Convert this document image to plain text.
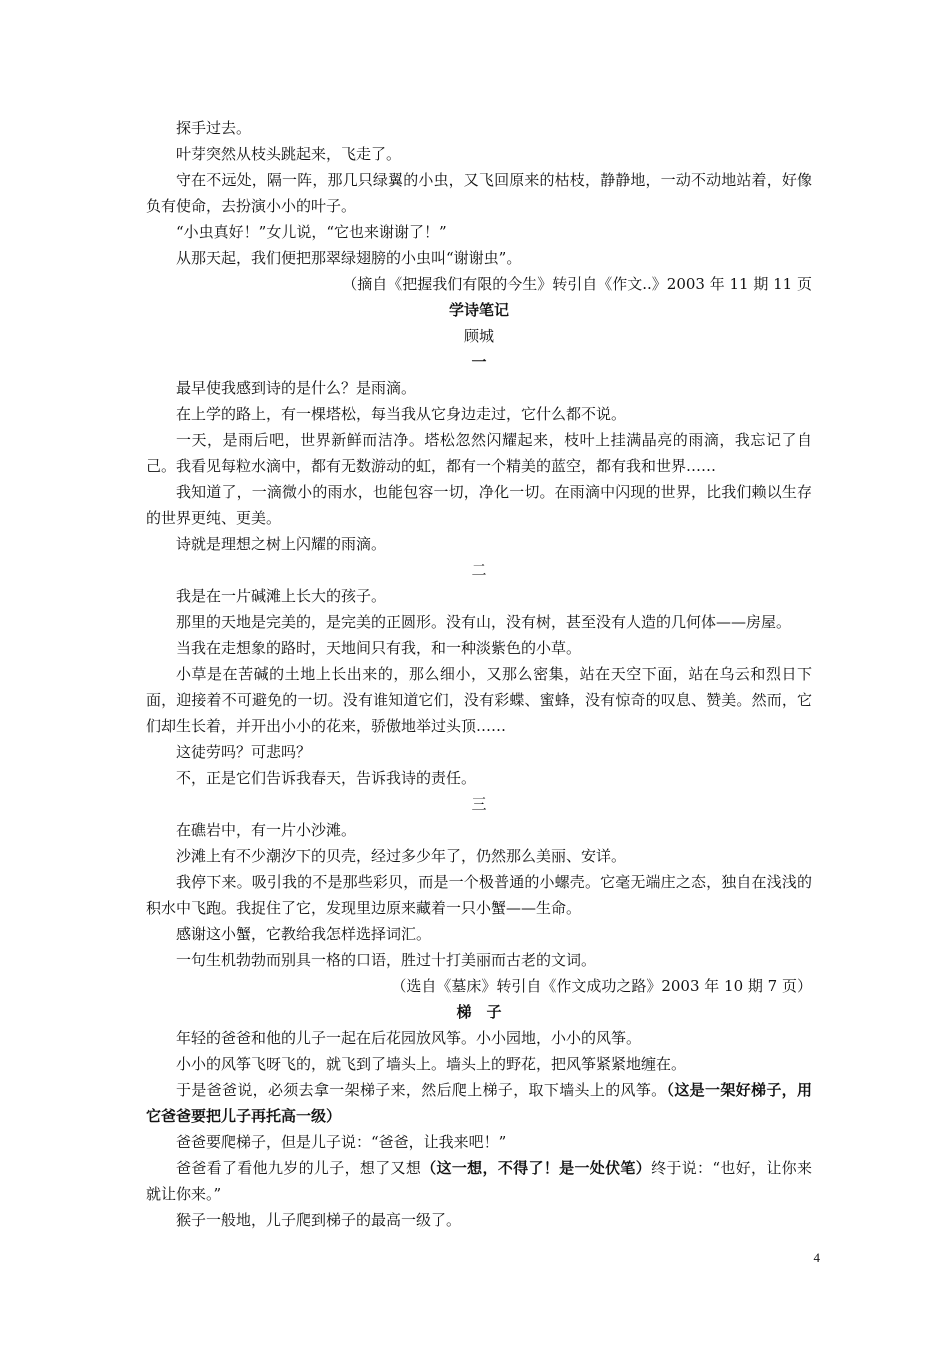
探手过去。

叶芽突然从枝头跳起来，飞走了。

守在不远处，隔一阵，那几只绿翼的小虫，又飞回原来的枯枝，静静地，一动不动地站着，好像负有使命，去扮演小小的叶子。

“小虫真好！”女儿说，“它也来谢谢了！”

从那天起，我们便把那翠绿翅膀的小虫叫“谢谢虫”。

（摘自《把握我们有限的今生》转引自《作文..》2003 年 11 期 11 页

学诗笔记

顾城

一

最早使我感到诗的是什么？是雨滴。

在上学的路上，有一棵塔松，每当我从它身边走过，它什么都不说。

一天，是雨后吧，世界新鲜而洁净。塔松忽然闪耀起来，枝叶上挂满晶亮的雨滴，我忘记了自己。我看见每粒水滴中，都有无数游动的虹，都有一个精美的蓝空，都有我和世界……

我知道了，一滴微小的雨水，也能包容一切，净化一切。在雨滴中闪现的世界，比我们赖以生存的世界更纯、更美。

诗就是理想之树上闪耀的雨滴。

二

我是在一片碱滩上长大的孩子。

那里的天地是完美的，是完美的正圆形。没有山，没有树，甚至没有人造的几何体——房屋。

当我在走想象的路时，天地间只有我，和一种淡紫色的小草。

小草是在苦碱的土地上长出来的，那么细小，又那么密集，站在天空下面，站在乌云和烈日下面，迎接着不可避免的一切。没有谁知道它们，没有彩蝶、蜜蜂，没有惊奇的叹息、赞美。然而，它们却生长着，并开出小小的花来，骄傲地举过头顶……

这徒劳吗？可悲吗？

不，正是它们告诉我春天，告诉我诗的责任。

三

在礁岩中，有一片小沙滩。

沙滩上有不少潮汐下的贝壳，经过多少年了，仍然那么美丽、安详。

我停下来。吸引我的不是那些彩贝，而是一个极普通的小螺壳。它毫无端庄之态，独自在浅浅的积水中飞跑。我捉住了它，发现里边原来藏着一只小蟹——生命。

感谢这小蟹，它教给我怎样选择词汇。

一句生机勃勃而别具一格的口语，胜过十打美丽而古老的文词。

（选自《墓床》转引自《作文成功之路》2003 年 10 期 7 页）

梯　子

年轻的爸爸和他的儿子一起在后花园放风筝。小小园地，小小的风筝。

小小的风筝飞呀飞的，就飞到了墙头上。墙头上的野花，把风筝紧紧地缠在。

于是爸爸说，必须去拿一架梯子来，然后爬上梯子，取下墙头上的风筝。（这是一架好梯子，用它爸爸要把儿子再托高一级）

爸爸要爬梯子，但是儿子说：“爸爸，让我来吧！”

爸爸看了看他九岁的儿子，想了又想（这一想，不得了！是一处伏笔）终于说：“也好，让你来就让你来。”

猴子一般地，儿子爬到梯子的最高一级了。

4
